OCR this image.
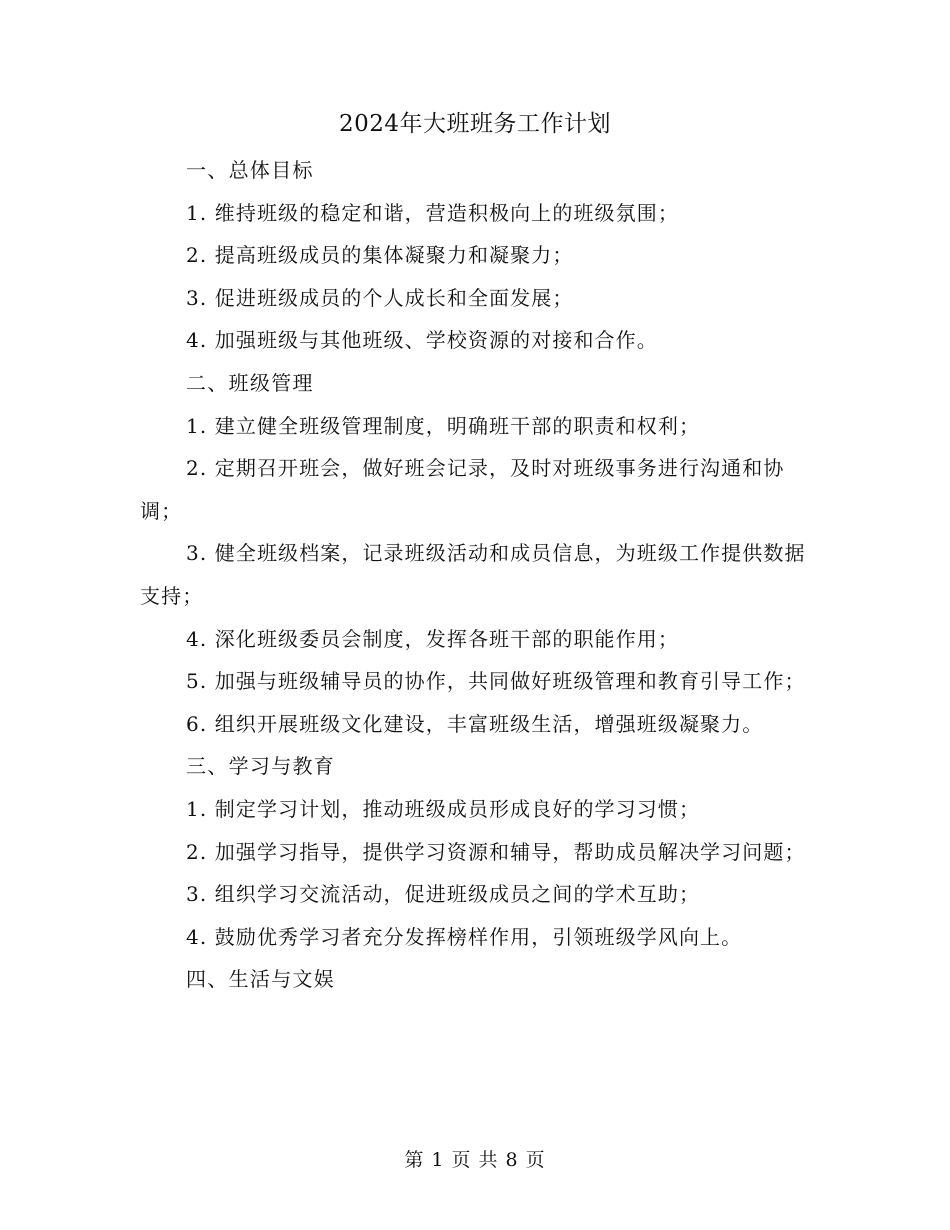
2024年大班班务工作计划

一、总体目标

1. 维持班级的稳定和谐，营造积极向上的班级氛围；

2. 提高班级成员的集体凝聚力和凝聚力；

3. 促进班级成员的个人成长和全面发展；

4. 加强班级与其他班级、学校资源的对接和合作。

二、班级管理

1. 建立健全班级管理制度，明确班干部的职责和权利；

2. 定期召开班会，做好班会记录，及时对班级事务进行沟通和协调；

3. 健全班级档案，记录班级活动和成员信息，为班级工作提供数据支持；

4. 深化班级委员会制度，发挥各班干部的职能作用；

5. 加强与班级辅导员的协作，共同做好班级管理和教育引导工作；

6. 组织开展班级文化建设，丰富班级生活，增强班级凝聚力。

三、学习与教育

1. 制定学习计划，推动班级成员形成良好的学习习惯；

2. 加强学习指导，提供学习资源和辅导，帮助成员解决学习问题；

3. 组织学习交流活动，促进班级成员之间的学术互助；

4. 鼓励优秀学习者充分发挥榜样作用，引领班级学风向上。

四、生活与文娱

第 1 页 共 8 页
